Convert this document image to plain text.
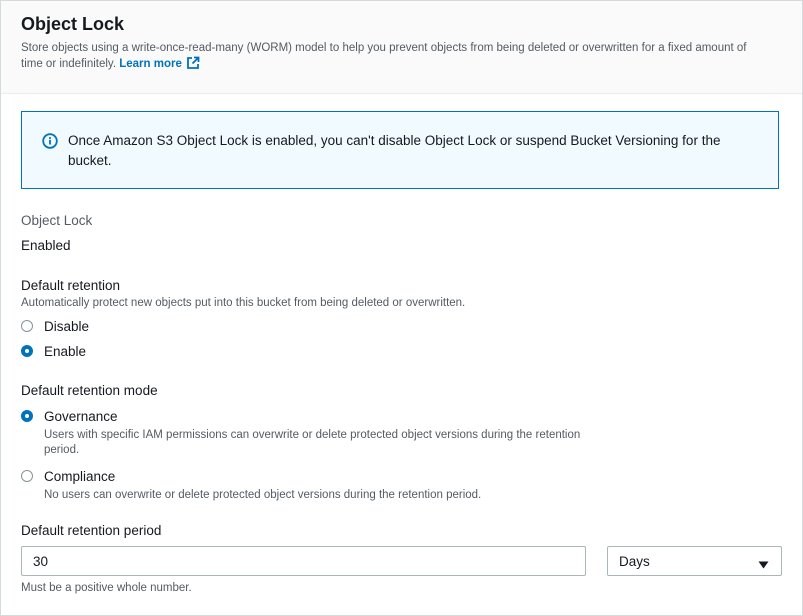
Object Lock
Store objects using a write-once-read-many (WORM) model to help you prevent objects from being deleted or overwritten for a fixed amount of time or indefinitely. Learn more
Once Amazon S3 Object Lock is enabled, you can't disable Object Lock or suspend Bucket Versioning for the bucket.
Object Lock
Enabled
Default retention
Automatically protect new objects put into this bucket from being deleted or overwritten.
Disable
Enable
Default retention mode
Governance
Users with specific IAM permissions can overwrite or delete protected object versions during the retention period.
Compliance
No users can overwrite or delete protected object versions during the retention period.
Default retention period
30	Days
Must be a positive whole number.
